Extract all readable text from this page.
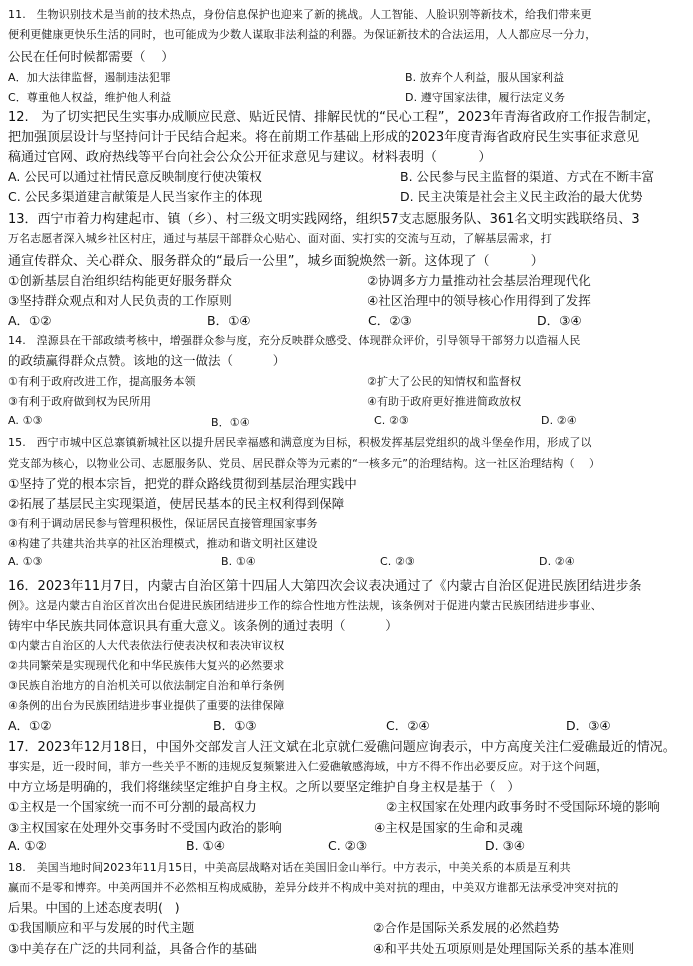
11.   生物识别技术是当前的技术热点，身份信息保护也迎来了新的挑战。人工智能、人脸识别等新技术，给我们带来更
便利更健康更快乐生活的同时，也可能成为少数人谋取非法利益的利器。为保证新技术的合法运用，人人都应尽一分力，
公民在任何时候都需要（    ）
A．加大法律监督，遏制违法犯罪	B. 放弃个人利益，服从国家利益
C．尊重他人权益，维护他人利益	D. 遵守国家法律，履行法定义务
12.   为了切实把民生实事办成顺应民意、贴近民情、排解民忧的“民心工程”，2023年青海省政府工作报告制定，
把加强顶层设计与坚持问计于民结合起来。将在前期工作基础上形成的2023年度青海省政府民生实事征求意见
稿通过官网、政府热线等平台向社会公众公开征求意见与建议。材料表明（          ）
A. 公民可以通过社情民意反映制度行使决策权	B. 公民参与民主监督的渠道、方式在不断丰富
C. 公民多渠道建言献策是人民当家作主的体现	D. 民主决策是社会主义民主政治的最大优势
13．西宁市着力构建起市、镇（乡）、村三级文明实践网络，组织57支志愿服务队、361名文明实践联络员、3
万名志愿者深入城乡社区村庄，通过与基层干部群众心贴心、面对面、实打实的交流与互动，了解基层需求，打
通宣传群众、关心群众、服务群众的“最后一公里”，城乡面貌焕然一新。这体现了（          ）
①创新基层自治组织结构能更好服务群众	②协调多方力量推动社会基层治理现代化
③坚持群众观点和对人民负责的工作原则	④社区治理中的领导核心作用得到了发挥
A．①②	B．①④	C．②③	D．③④
14.   湟源县在干部政绩考核中，增强群众参与度，充分反映群众感受、体现群众评价，引导领导干部努力以造福人民
的政绩赢得群众点赞。该地的这一做法（          ）
①有利于政府改进工作，提高服务本领	②扩大了公民的知情权和监督权
③有利于政府做到权为民所用	④有助于政府更好推进简政放权
A. ①③	B．①④	C. ②③	D. ②④
15.   西宁市城中区总寨镇新城社区以提升居民幸福感和满意度为目标，积极发挥基层党组织的战斗堡垒作用，形成了以
党支部为核心，以物业公司、志愿服务队、党员、居民群众等为元素的“一核多元”的治理结构。这一社区治理结构（    ）
①坚持了党的根本宗旨，把党的群众路线贯彻到基层治理实践中
②拓展了基层民主实现渠道，使居民基本的民主权利得到保障
③有利于调动居民参与管理积极性，保证居民直接管理国家事务
④构建了共建共治共享的社区治理模式，推动和谐文明社区建设
A. ①③	B. ①④	C. ②③	D. ②④
16．2023年11月7日，内蒙古自治区第十四届人大第四次会议表决通过了《内蒙古自治区促进民族团结进步条
例》。这是内蒙古自治区首次出台促进民族团结进步工作的综合性地方性法规，该条例对于促进内蒙古民族团结进步事业、
铸牢中华民族共同体意识具有重大意义。该条例的通过表明（          ）
①内蒙古自治区的人大代表依法行使表决权和表决审议权
②共同繁荣是实现现代化和中华民族伟大复兴的必然要求
③民族自治地方的自治机关可以依法制定自治和单行条例
④条例的出台为民族团结进步事业提供了重要的法律保障
A．①②	B．①③	C．②④	D．③④
17．2023年12月18日，中国外交部发言人汪文斌在北京就仁爱礁问题应询表示，中方高度关注仁爱礁最近的情况。
事实是，近一段时间，菲方一些关乎不断的违规反复频繁进入仁爱礁敏感海域，中方不得不作出必要反应。对于这个问题，
中方立场是明确的，我们将继续坚定维护自身主权。之所以要坚定维护自身主权是基于（   ）
①主权是一个国家统一而不可分割的最高权力	②主权国家在处理内政事务时不受国际环境的影响
③主权国家在处理外交事务时不受国内政治的影响	④主权是国家的生命和灵魂
A. ①②	B. ①④	C. ②③	D. ③④
18.   美国当地时间2023年11月15日，中美高层战略对话在美国旧金山举行。中方表示，中美关系的本质是互利共
赢而不是零和博弈。中美两国并不必然相互构成威胁，差异分歧并不构成中美对抗的理由，中美双方谁都无法承受冲突对抗的
后果。中国的上述态度表明(   )
①我国顺应和平与发展的时代主题	②合作是国际关系发展的必然趋势
③中美存在广泛的共同利益，具备合作的基础	④和平共处五项原则是处理国际关系的基本准则
